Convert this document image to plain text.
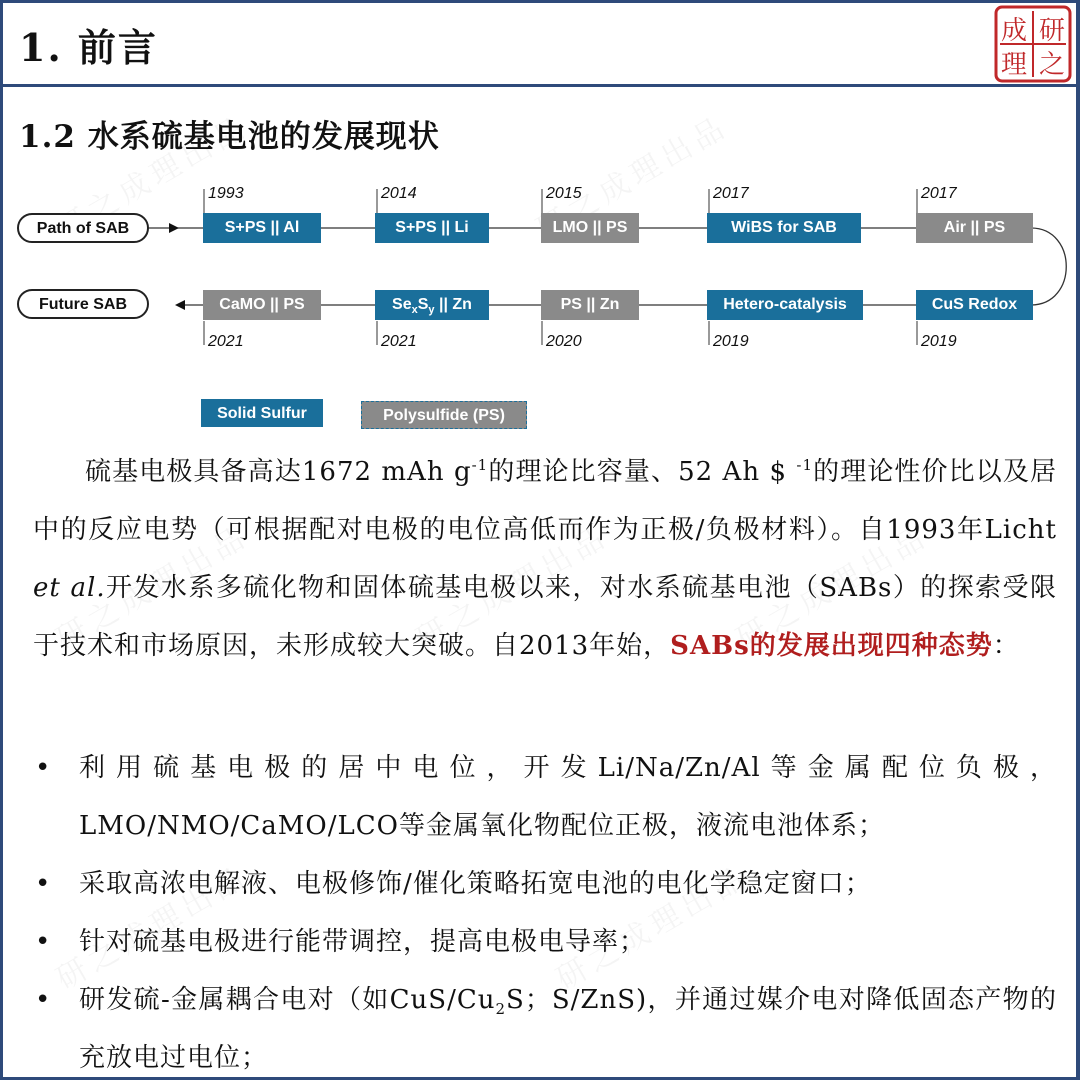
1. 前言	成 研
理 之
1.2 水系硫基电池的发展现状
Path of SAB
Future SAB
1993	2014	2015	2017	2017
S+PS || Al	S+PS || Li	LMO || PS	WiBS for SAB	Air || PS
CaMO || PS	$Se_xS_y$ || Zn	PS || Zn	Hetero-catalysis	CuS Redox
2021	2021	2020	2019	2019
Solid Sulfur	Polysulfide (PS)

硫基电极具备高达1672 mAh $g^{-1}$的理论比容量、52 Ah $ $^{-1}$的理论性价比以及居中的反应电势（可根据配对电极的电位高低而作为正极/负极材料）。自1993年Licht et al.开发水系多硫化物和固体硫基电极以来，对水系硫基电池（SABs）的探索受限于技术和市场原因，未形成较大突破。自2013年始，SABs的发展出现四种态势：

• 利用硫基电极的居中电位，开发Li/Na/Zn/Al等金属配位负极，LMO/NMO/CaMO/LCO等金属氧化物配位正极，液流电池体系；
• 采取高浓电解液、电极修饰/催化策略拓宽电池的电化学稳定窗口；
• 针对硫基电极进行能带调控，提高电极电导率；
• 研发硫-金属耦合电对（如CuS/$Cu_2S$；S/ZnS)，并通过媒介电对降低固态产物的充放电过电位；
